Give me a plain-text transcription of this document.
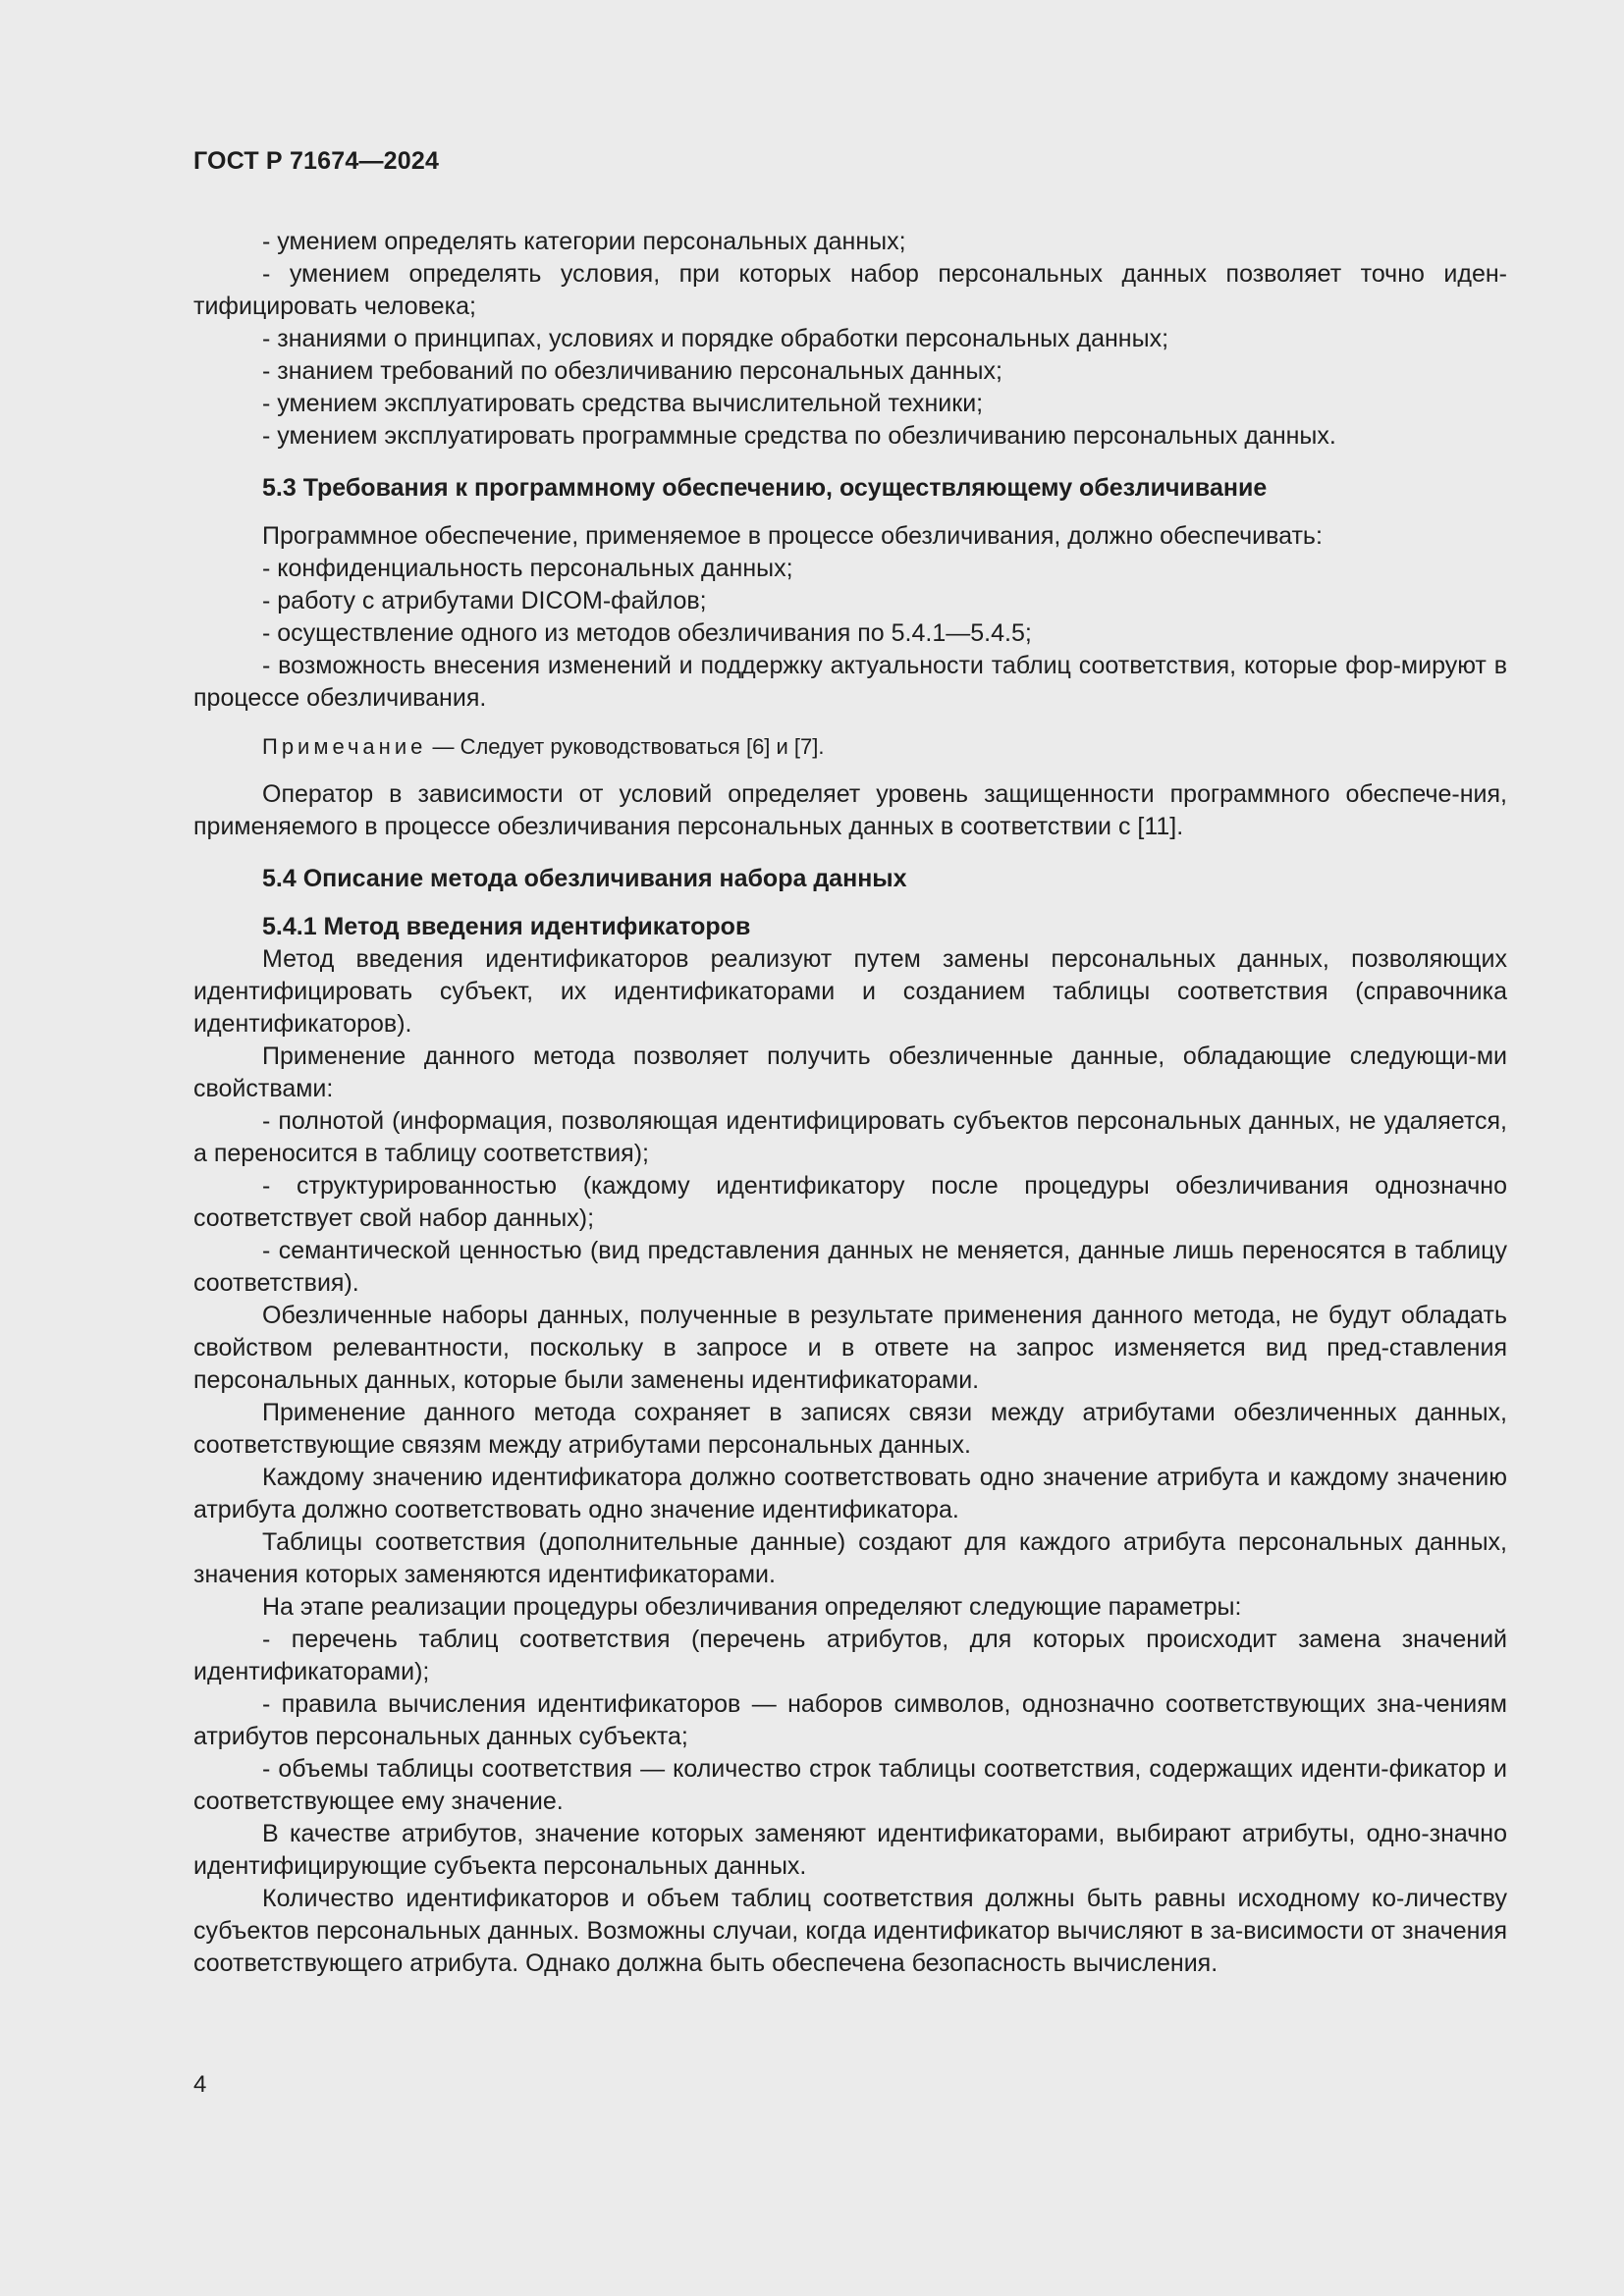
ГОСТ Р 71674—2024

- умением определять категории персональных данных;

- умением определять условия, при которых набор персональных данных позволяет точно иден-тифицировать человека;

- знаниями о принципах, условиях и порядке обработки персональных данных;

- знанием требований по обезличиванию персональных данных;

- умением эксплуатировать средства вычислительной техники;

- умением эксплуатировать программные средства по обезличиванию персональных данных.

5.3 Требования к программному обеспечению, осуществляющему обезличивание

Программное обеспечение, применяемое в процессе обезличивания, должно обеспечивать:

- конфиденциальность персональных данных;

- работу с атрибутами DICOM-файлов;

- осуществление одного из методов обезличивания по 5.4.1—5.4.5;

- возможность внесения изменений и поддержку актуальности таблиц соответствия, которые фор-мируют в процессе обезличивания.

Примечание — Следует руководствоваться [6] и [7].

Оператор в зависимости от условий определяет уровень защищенности программного обеспече-ния, применяемого в процессе обезличивания персональных данных в соответствии с [11].

5.4 Описание метода обезличивания набора данных
5.4.1 Метод введения идентификаторов

Метод введения идентификаторов реализуют путем замены персональных данных, позволяющих идентифицировать субъект, их идентификаторами и созданием таблицы соответствия (справочника идентификаторов).

Применение данного метода позволяет получить обезличенные данные, обладающие следующи-ми свойствами:

- полнотой (информация, позволяющая идентифицировать субъектов персональных данных, не удаляется, а переносится в таблицу соответствия);

- структурированностью (каждому идентификатору после процедуры обезличивания однозначно соответствует свой набор данных);

- семантической ценностью (вид представления данных не меняется, данные лишь переносятся в таблицу соответствия).

Обезличенные наборы данных, полученные в результате применения данного метода, не будут обладать свойством релевантности, поскольку в запросе и в ответе на запрос изменяется вид пред-ставления персональных данных, которые были заменены идентификаторами.

Применение данного метода сохраняет в записях связи между атрибутами обезличенных данных, соответствующие связям между атрибутами персональных данных.

Каждому значению идентификатора должно соответствовать одно значение атрибута и каждому значению атрибута должно соответствовать одно значение идентификатора.

Таблицы соответствия (дополнительные данные) создают для каждого атрибута персональных данных, значения которых заменяются идентификаторами.

На этапе реализации процедуры обезличивания определяют следующие параметры:

- перечень таблиц соответствия (перечень атрибутов, для которых происходит замена значений идентификаторами);

- правила вычисления идентификаторов — наборов символов, однозначно соответствующих зна-чениям атрибутов персональных данных субъекта;

- объемы таблицы соответствия — количество строк таблицы соответствия, содержащих иденти-фикатор и соответствующее ему значение.

В качестве атрибутов, значение которых заменяют идентификаторами, выбирают атрибуты, одно-значно идентифицирующие субъекта персональных данных.

Количество идентификаторов и объем таблиц соответствия должны быть равны исходному ко-личеству субъектов персональных данных. Возможны случаи, когда идентификатор вычисляют в за-висимости от значения соответствующего атрибута. Однако должна быть обеспечена безопасность вычисления.

4
